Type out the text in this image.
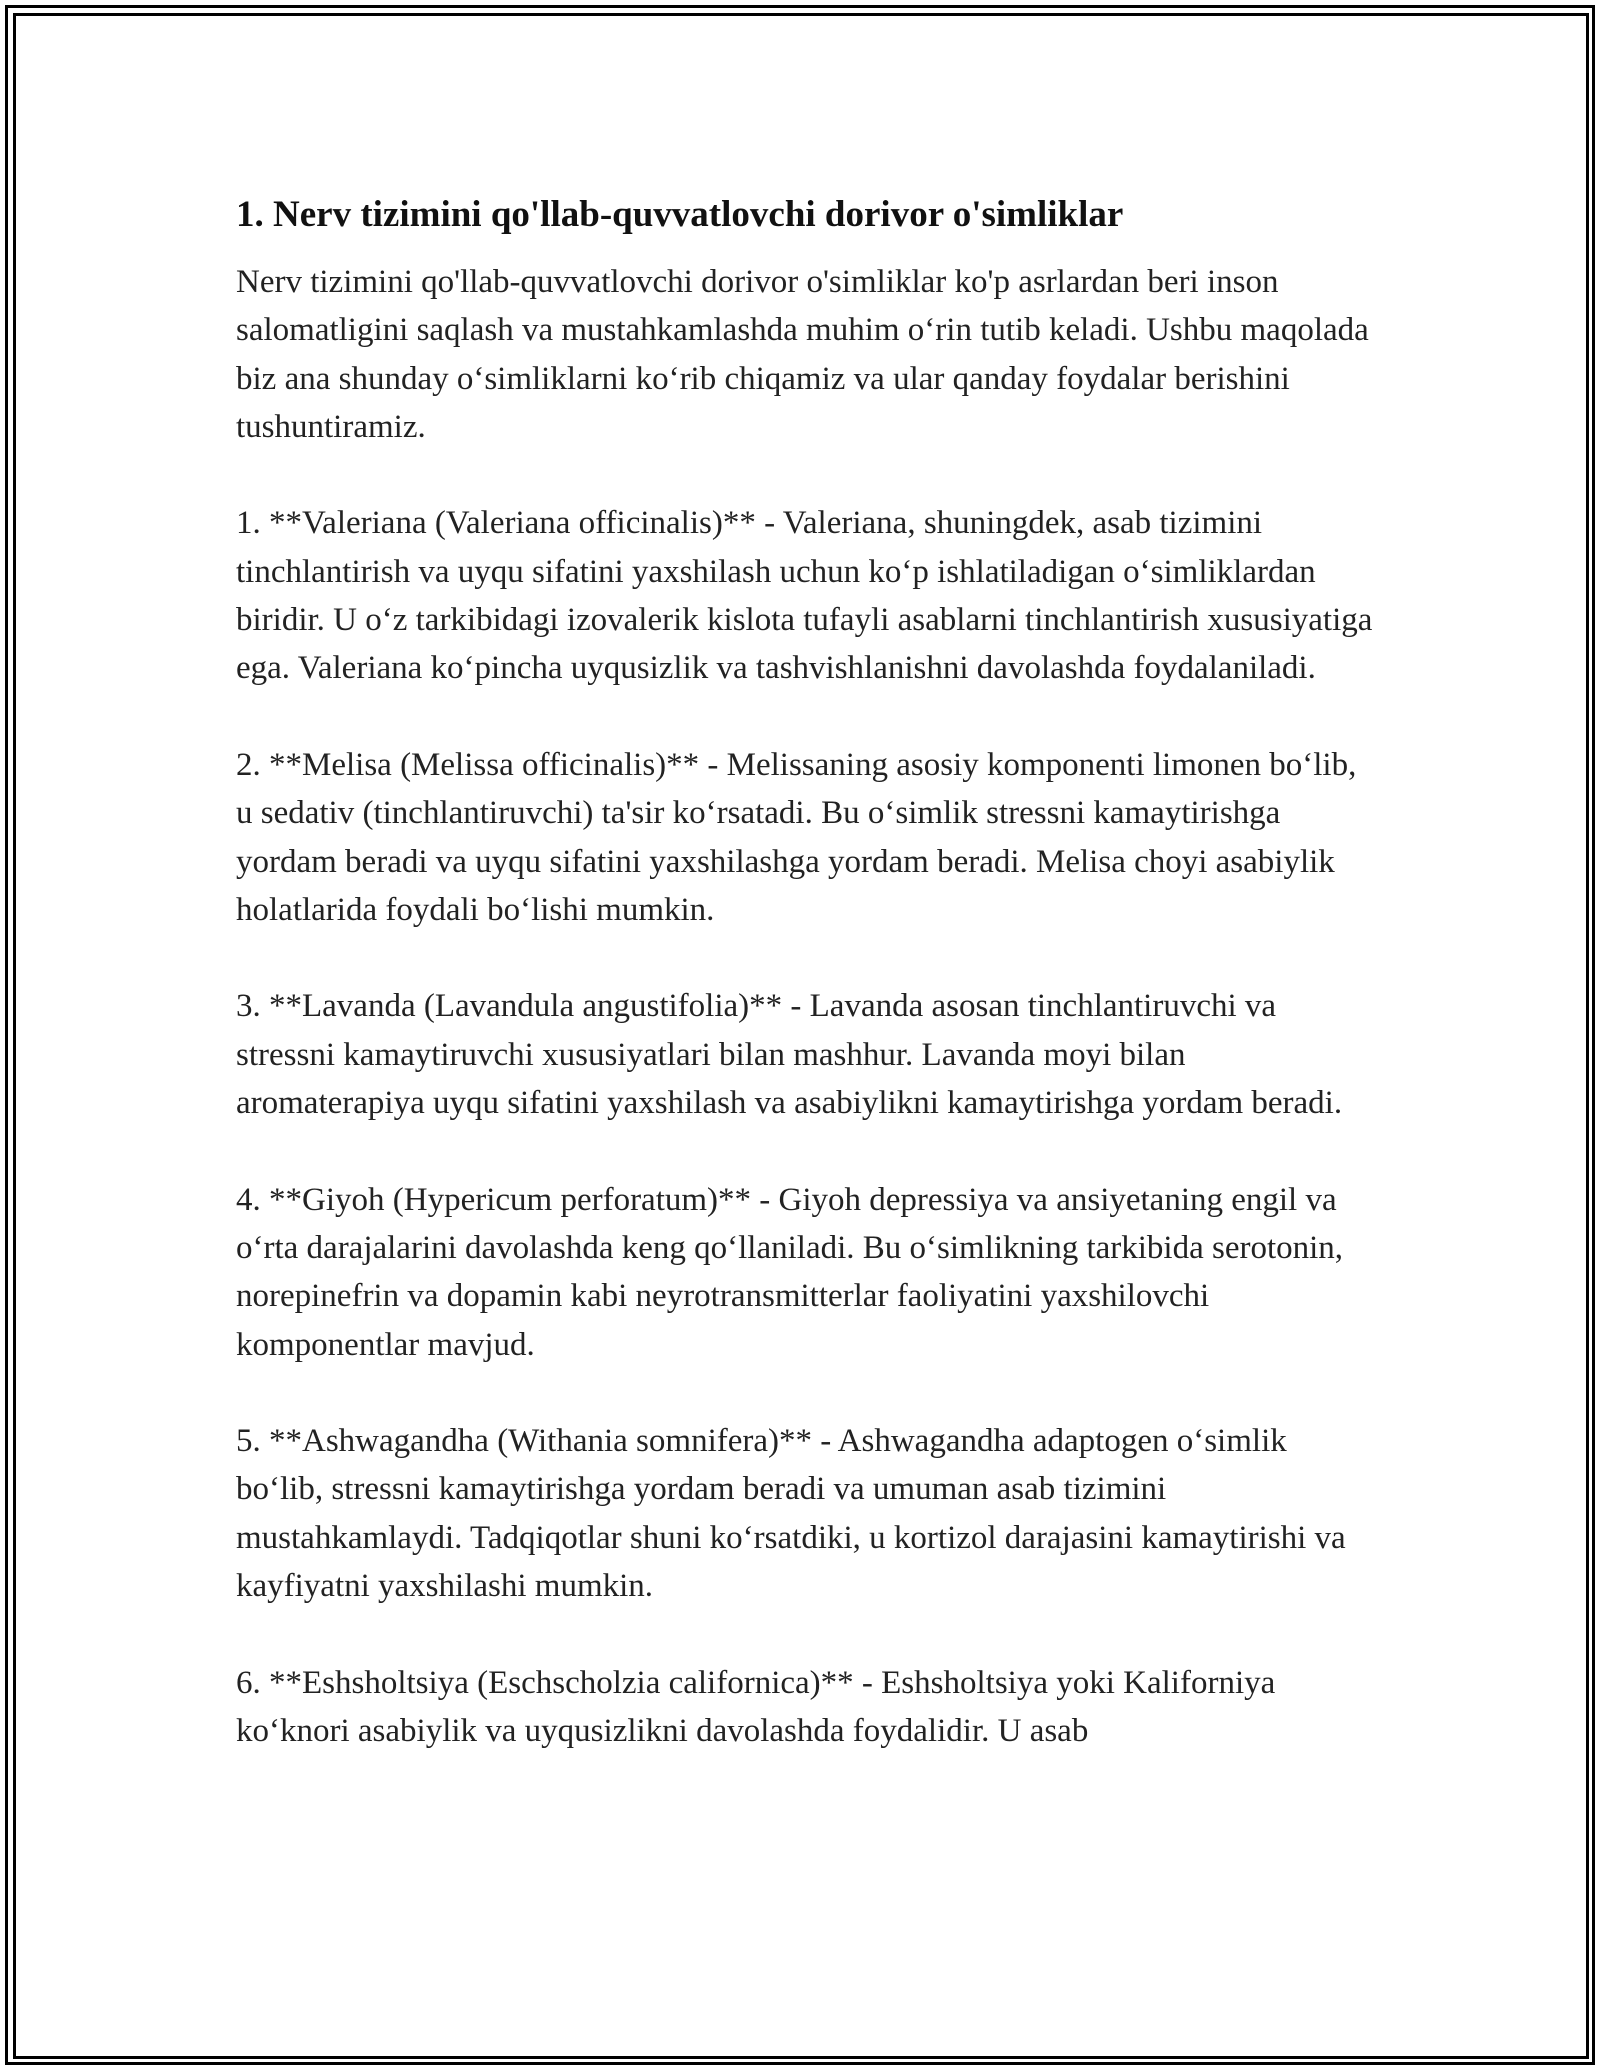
1. Nerv tizimini qo'llab-quvvatlovchi dorivor o'simliklar

Nerv tizimini qo'llab-quvvatlovchi dorivor o'simliklar ko'p asrlardan beri inson salomatligini saqlash va mustahkamlashda muhim o‘rin tutib keladi. Ushbu maqolada biz ana shunday o‘simliklarni ko‘rib chiqamiz va ular qanday foydalar berishini tushuntiramiz.

1. **Valeriana (Valeriana officinalis)** - Valeriana, shuningdek, asab tizimini tinchlantirish va uyqu sifatini yaxshilash uchun ko‘p ishlatiladigan o‘simliklardan biridir. U o‘z tarkibidagi izovalerik kislota tufayli asablarni tinchlantirish xususiyatiga ega. Valeriana ko‘pincha uyqusizlik va tashvishlanishni davolashda foydalaniladi.

2. **Melisa (Melissa officinalis)** - Melissaning asosiy komponenti limonen bo‘lib, u sedativ (tinchlantiruvchi) ta'sir ko‘rsatadi. Bu o‘simlik stressni kamaytirishga yordam beradi va uyqu sifatini yaxshilashga yordam beradi. Melisa choyi asabiylik holatlarida foydali bo‘lishi mumkin.

3. **Lavanda (Lavandula angustifolia)** - Lavanda asosan tinchlantiruvchi va stressni kamaytiruvchi xususiyatlari bilan mashhur. Lavanda moyi bilan aromaterapiya uyqu sifatini yaxshilash va asabiylikni kamaytirishga yordam beradi.

4. **Giyoh (Hypericum perforatum)** - Giyoh depressiya va ansiyetaning engil va o‘rta darajalarini davolashda keng qo‘llaniladi. Bu o‘simlikning tarkibida serotonin, norepinefrin va dopamin kabi neyrotransmitterlar faoliyatini yaxshilovchi komponentlar mavjud.

5. **Ashwagandha (Withania somnifera)** - Ashwagandha adaptogen o‘simlik bo‘lib, stressni kamaytirishga yordam beradi va umuman asab tizimini mustahkamlaydi. Tadqiqotlar shuni ko‘rsatdiki, u kortizol darajasini kamaytirishi va kayfiyatni yaxshilashi mumkin.

6. **Eshsholtsiya (Eschscholzia californica)** - Eshsholtsiya yoki Kaliforniya ko‘knori asabiylik va uyqusizlikni davolashda foydalidir. U asab
